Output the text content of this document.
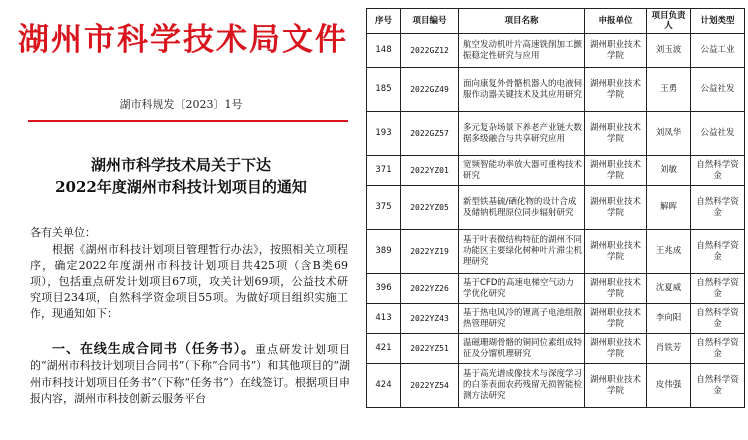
湖州市科学技术局文件
湖市科规发〔2023〕1号
湖州市科学技术局关于下达
2022年度湖州市科技计划项目的通知
各有关单位：

根据《湖州市科技计划项目管理暂行办法》，按照相关立项程序，确定2022年度湖州市科技计划项目共425项（含B类69项），包括重点研发计划项目67项，攻关计划69项，公益技术研究项目234项，自然科学资金项目55项。为做好项目组织实施工作，现通知如下：

一、在线生成合同书（任务书）。重点研发计划项目的“湖州市科技计划项目合同书”（下称“合同书”）和其他项目的“湖州市科技计划项目任务书”（下称“任务书”）在线签订。根据项目申报内容，湖州市科技创新云服务平台

序号	项目编号	项目名称	申报单位	项目负责人	计划类型
148	2022GZ12	航空发动机叶片高速铣削加工颤振稳定性研究与应用	湖州职业技术学院	刘玉波	公益工业
185	2022GZ49	面向康复外骨骼机器人的电液伺服作动器关键技术及其应用研究	湖州职业技术学院	王勇	公益社发
193	2022GZ57	多元复杂场景下养老产业链大数据多级融合与共享研究应用	湖州职业技术学院	刘凤华	公益社发
371	2022YZ01	宽频智能功率放大器可重构技术研究	湖州职业技术学院	刘敏	自然科学资金
375	2022YZ05	新型铁基硫/硒化物的设计合成及储钠机理原位同步辐射研究	湖州职业技术学院	解晖	自然科学资金
389	2022YZ19	基于叶表微结构特征的湖州不同功能区主要绿化树种叶片滞尘机理研究	湖州职业技术学院	王兆成	自然科学资金
396	2022YZ26	基于CFD的高速电梯空气动力学优化研究	湖州职业技术学院	沈夏威	自然科学资金
413	2022YZ43	基于热电风冷的锂离子电池组散热管理研究	湖州职业技术学院	李向阳	自然科学资金
421	2022YZ51	温磁珊瑚骨骼的铜同位素组成特征及分馏机理研究	湖州职业技术学院	肖铁芳	自然科学资金
424	2022YZ54	基于高光谱成像技术与深度学习的白茶表面农药残留无损智能检测方法研究	湖州职业技术学院	皮伟强	自然科学资金
